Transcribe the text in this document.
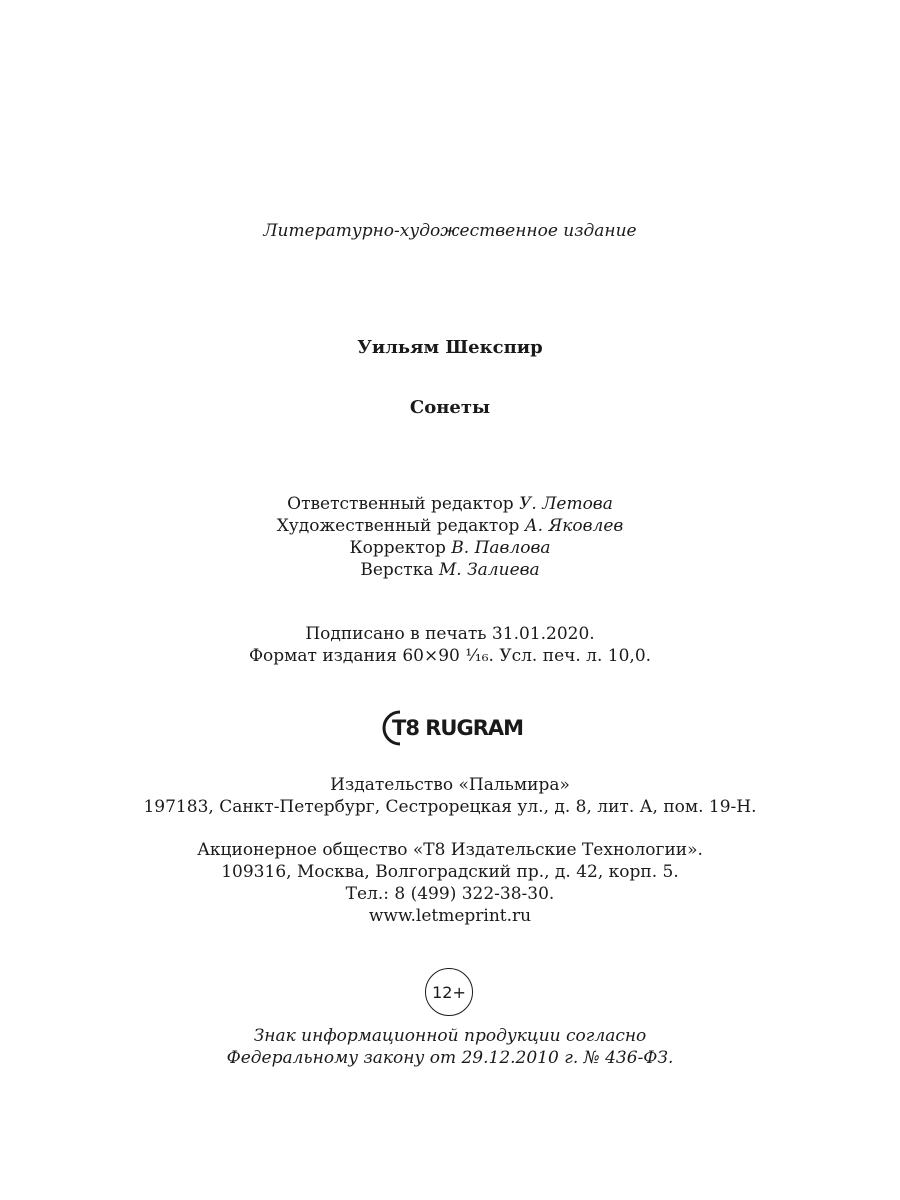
Литературно-художественное издание
Уильям Шекспир
Сонеты
Ответственный редактор У. Летова
Художественный редактор А. Яковлев
Корректор В. Павлова
Верстка М. Залиева
Подписано в печать 31.01.2020.
Формат издания 60×90 ¹⁄₁₆. Усл. печ. л. 10,0.
T8 RUGRAM
Издательство «Пальмира»
197183, Санкт-Петербург, Сестрорецкая ул., д. 8, лит. А, пом. 19-Н.
Акционерное общество «Т8 Издательские Технологии».
109316, Москва, Волгоградский пр., д. 42, корп. 5.
Тел.: 8 (499) 322-38-30.
www.letmeprint.ru
12+
Знак информационной продукции согласно
Федеральному закону от 29.12.2010 г. № 436-ФЗ.
